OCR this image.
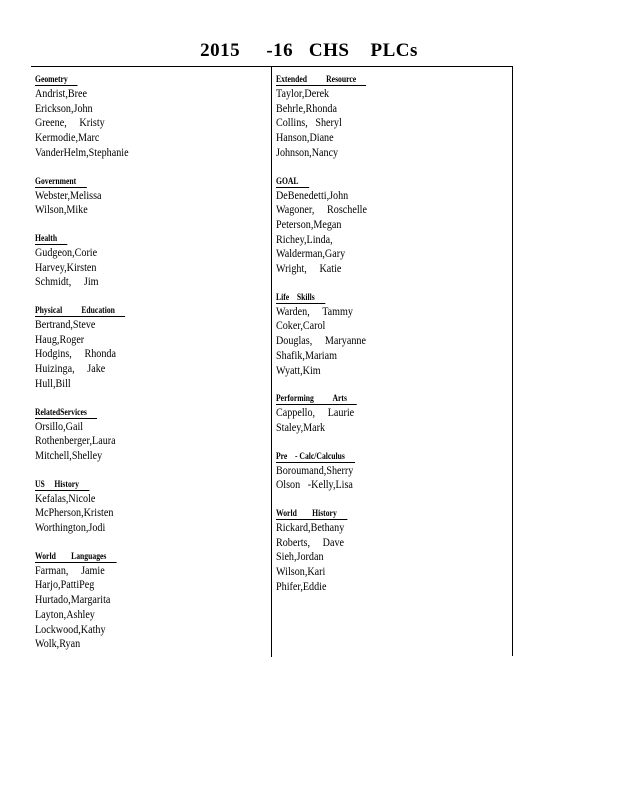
2015     -16   CHS    PLCs
Geometry
Andrist,Bree
Erickson,John
Greene,     Kristy
Kermodie,Marc
VanderHelm,Stephanie
Government
Webster,Melissa
Wilson,Mike
Health
Gudgeon,Corie
Harvey,Kirsten
Schmidt,     Jim
Physical          Education
Bertrand,Steve
Haug,Roger
Hodgins,     Rhonda
Huizinga,     Jake
Hull,Bill
RelatedServices
Orsillo,Gail
Rothenberger,Laura
Mitchell,Shelley
US     History
Kefalas,Nicole
McPherson,Kristen
Worthington,Jodi
World        Languages
Farman,     Jamie
Harjo,PattiPeg
Hurtado,Margarita
Layton,Ashley
Lockwood,Kathy
Wolk,Ryan
Extended          Resource
Taylor,Derek
Behrle,Rhonda
Collins,   Sheryl
Hanson,Diane
Johnson,Nancy
GOAL
DeBenedetti,John
Wagoner,     Roschelle
Peterson,Megan
Richey,Linda,
Walderman,Gary
Wright,     Katie
Life    Skills
Warden,     Tammy
Coker,Carol
Douglas,     Maryanne
Shafik,Mariam
Wyatt,Kim
Performing          Arts
Cappello,     Laurie
Staley,Mark
Pre    - Calc/Calculus
Boroumand,Sherry
Olson   -Kelly,Lisa
World        History
Rickard,Bethany
Roberts,     Dave
Sieh,Jordan
Wilson,Kari
Phifer,Eddie
